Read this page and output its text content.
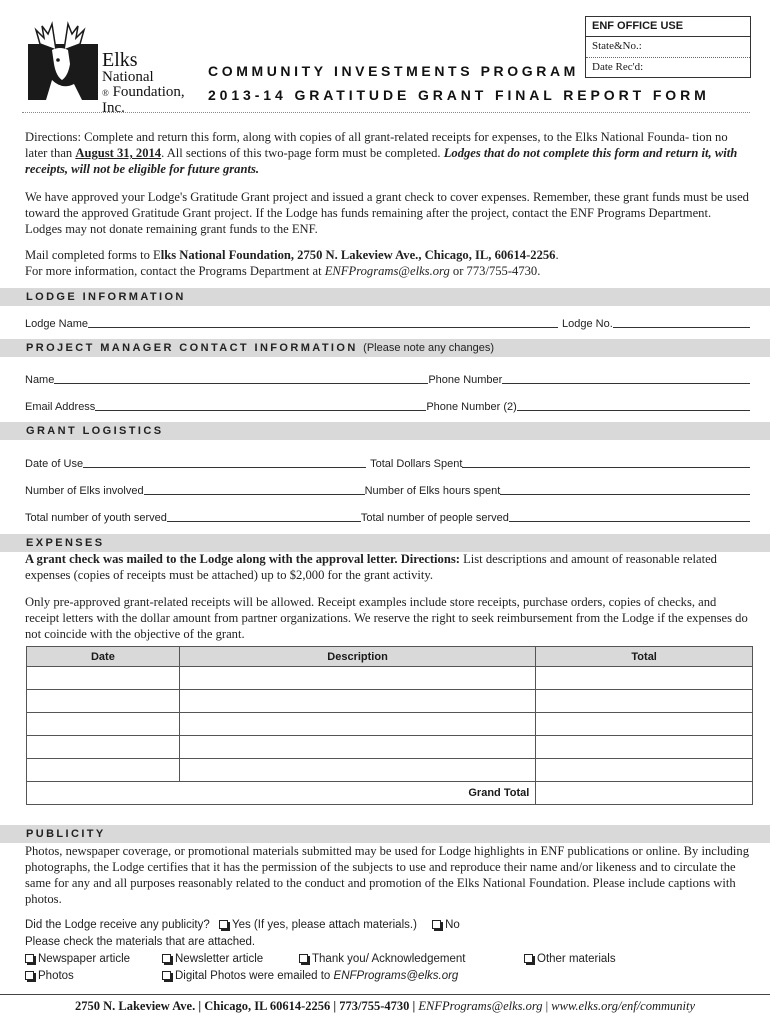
Elks
National
® Foundation, Inc.
COMMUNITY INVESTMENTS PROGRAM
2013-14 GRATITUDE GRANT FINAL REPORT FORM
ENF OFFICE USE
State&No.:
Date Rec'd:
Directions: Complete and return this form, along with copies of all grant-related receipts for expenses, to the Elks National Founda- tion no later than August 31, 2014. All sections of this two-page form must be completed. Lodges that do not complete this form and return it, with receipts, will not be eligible for future grants.
We have approved your Lodge's Gratitude Grant project and issued a grant check to cover expenses. Remember, these grant funds must be used toward the approved Gratitude Grant project. If the Lodge has funds remaining after the project, contact the ENF Programs Department. Lodges may not donate remaining grant funds to the ENF.
Mail completed forms to Elks National Foundation, 2750 N. Lakeview Ave., Chicago, IL, 60614-2256.
For more information, contact the Programs Department at ENFPrograms@elks.org or 773/755-4730.
LODGE INFORMATION
Lodge Name	Lodge No.
PROJECT MANAGER CONTACT INFORMATION (Please note any changes)
Name	Phone Number
Email Address	Phone Number (2)
GRANT LOGISTICS
Date of Use	Total Dollars Spent
Number of Elks involved	Number of Elks hours spent
Total number of youth served	Total number of people served
EXPENSES
A grant check was mailed to the Lodge along with the approval letter. Directions: List descriptions and amount of reasonable related expenses (copies of receipts must be attached) up to $2,000 for the grant activity.
Only pre-approved grant-related receipts will be allowed. Receipt examples include store receipts, purchase orders, copies of checks, and receipt letters with the dollar amount from partner organizations. We reserve the right to seek reimbursement from the Lodge if the expenses do not coincide with the objective of the grant.
Date	Description	Total

Grand Total		
PUBLICITY
Photos, newspaper coverage, or promotional materials submitted may be used for Lodge highlights in ENF publications or online. By including photographs, the Lodge certifies that it has the permission of the subjects to use and reproduce their name and/or likeness and to circulate the same for any and all purposes reasonably related to the conduct and promotion of the Elks National Foundation. Please include captions with photos.
Did the Lodge receive any publicity? Yes (If yes, please attach materials.) No
Please check the materials that are attached.
Newspaper article	Newsletter article	Thank you/ Acknowledgement	Other materials
Photos	Digital Photos were emailed to ENFPrograms@elks.org
2750 N. Lakeview Ave. | Chicago, IL 60614-2256 | 773/755-4730 | ENFPrograms@elks.org | www.elks.org/enf/community
